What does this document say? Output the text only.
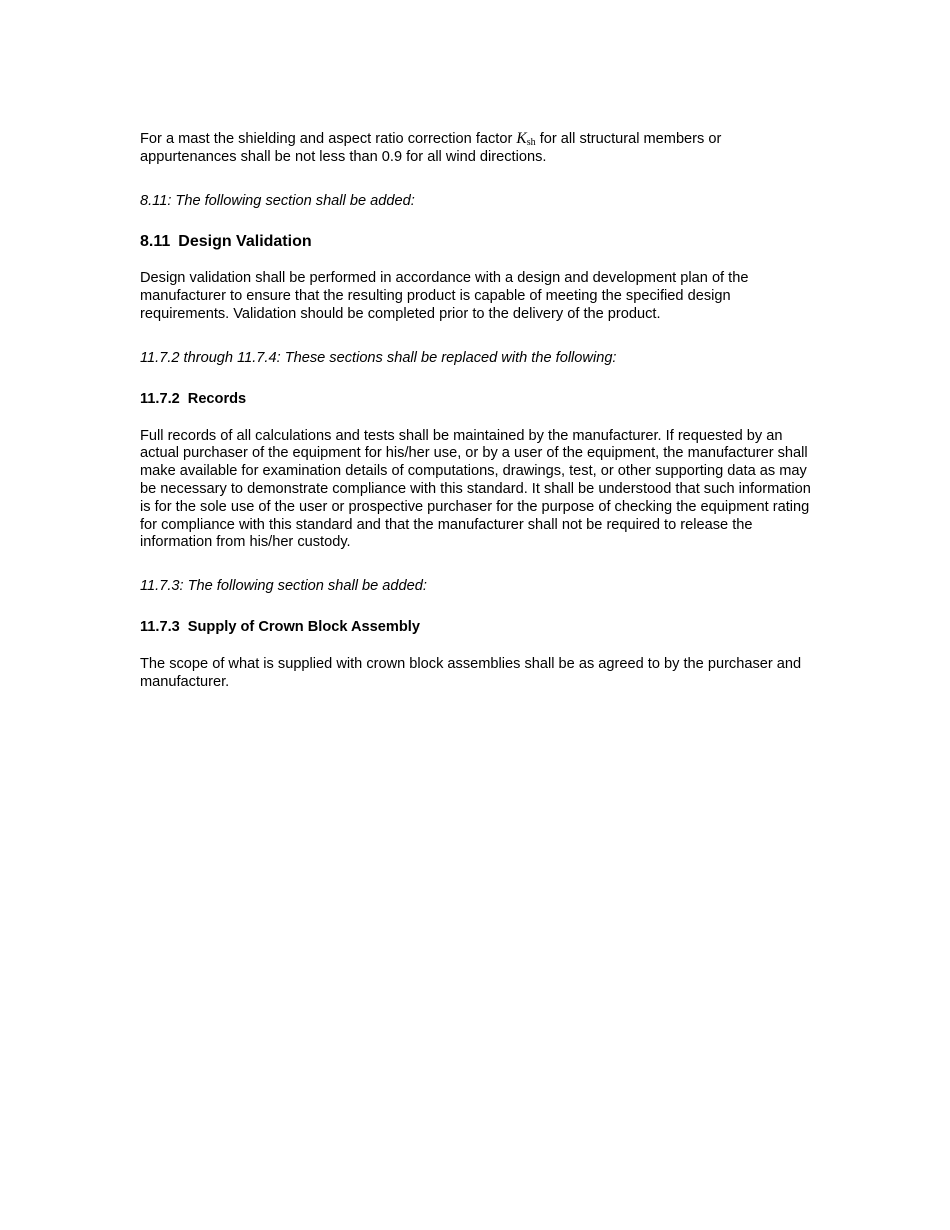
For a mast the shielding and aspect ratio correction factor $K_{sh}$ for all structural members or appurtenances shall be not less than 0.9 for all wind directions.

8.11: The following section shall be added:

8.11 Design Validation

Design validation shall be performed in accordance with a design and development plan of the manufacturer to ensure that the resulting product is capable of meeting the specified design requirements. Validation should be completed prior to the delivery of the product.

11.7.2 through 11.7.4: These sections shall be replaced with the following:

11.7.2 Records

Full records of all calculations and tests shall be maintained by the manufacturer. If requested by an actual purchaser of the equipment for his/her use, or by a user of the equipment, the manufacturer shall make available for examination details of computations, drawings, test, or other supporting data as may be necessary to demonstrate compliance with this standard. It shall be understood that such information is for the sole use of the user or prospective purchaser for the purpose of checking the equipment rating for compliance with this standard and that the manufacturer shall not be required to release the information from his/her custody.

11.7.3: The following section shall be added:

11.7.3 Supply of Crown Block Assembly

The scope of what is supplied with crown block assemblies shall be as agreed to by the purchaser and manufacturer.
